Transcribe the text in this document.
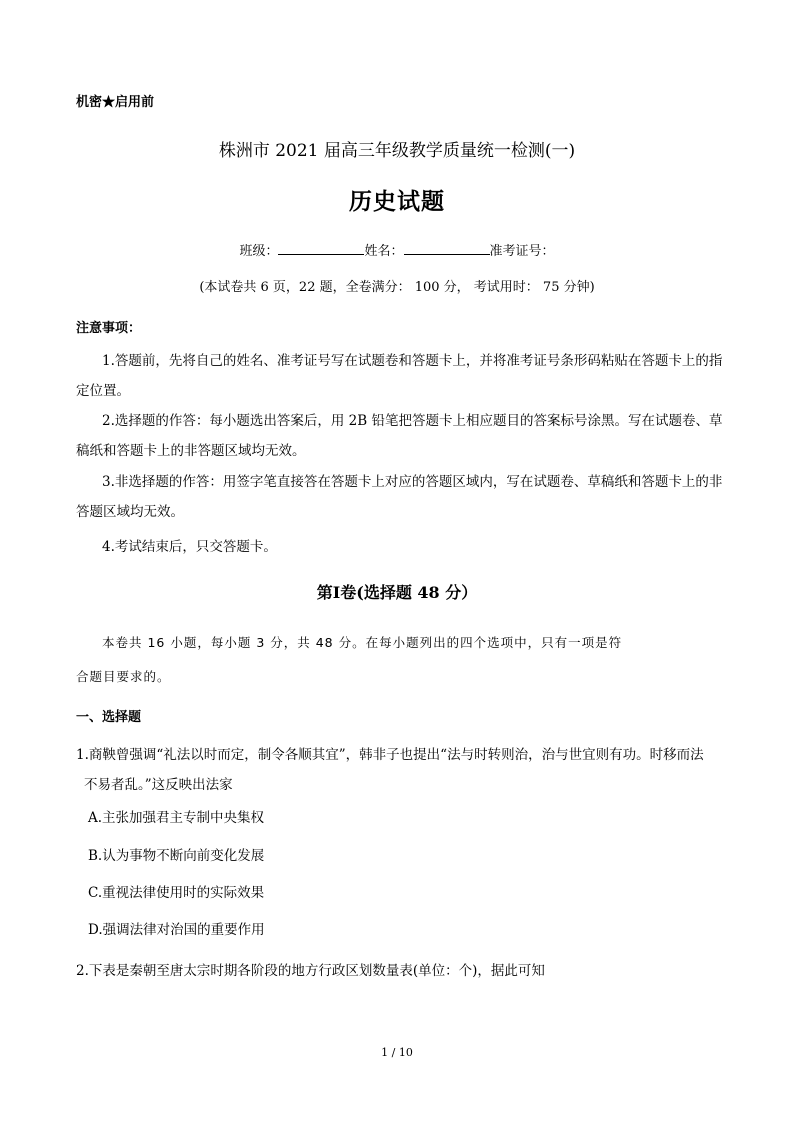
机密★启用前
株洲市 2021 届高三年级教学质量统一检测(一)
历史试题
班级：	姓名：	准考证号：
(本试卷共 6 页，22 题，全卷满分： 100 分， 考试用时： 75 分钟)
注意事项：
1.答题前，先将自己的姓名、准考证号写在试题卷和答题卡上，并将准考证号条形码粘贴在答题卡上的指定位置。
2.选择题的作答：每小题选出答案后，用 2B 铅笔把答题卡上相应题目的答案标号涂黑。写在试题卷、草稿纸和答题卡上的非答题区域均无效。
3.非选择题的作答：用签字笔直接答在答题卡上对应的答题区域内，写在试题卷、草稿纸和答题卡上的非答题区域均无效。
4.考试结束后，只交答题卡。
第Ⅰ卷(选择题 48 分）
本卷共 16 小题，每小题 3 分，共 48 分。在每小题列出的四个选项中，只有一项是符
合题目要求的。
一、选择题
1.商鞅曾强调“礼法以时而定，制令各顺其宜”，韩非子也提出“法与时转则治，治与世宜则有功。时移而法
不易者乱。”这反映出法家
A.主张加强君主专制中央集权
B.认为事物不断向前变化发展
C.重视法律使用时的实际效果
D.强调法律对治国的重要作用
2.下表是秦朝至唐太宗时期各阶段的地方行政区划数量表(单位：个)，据此可知
1 / 10
